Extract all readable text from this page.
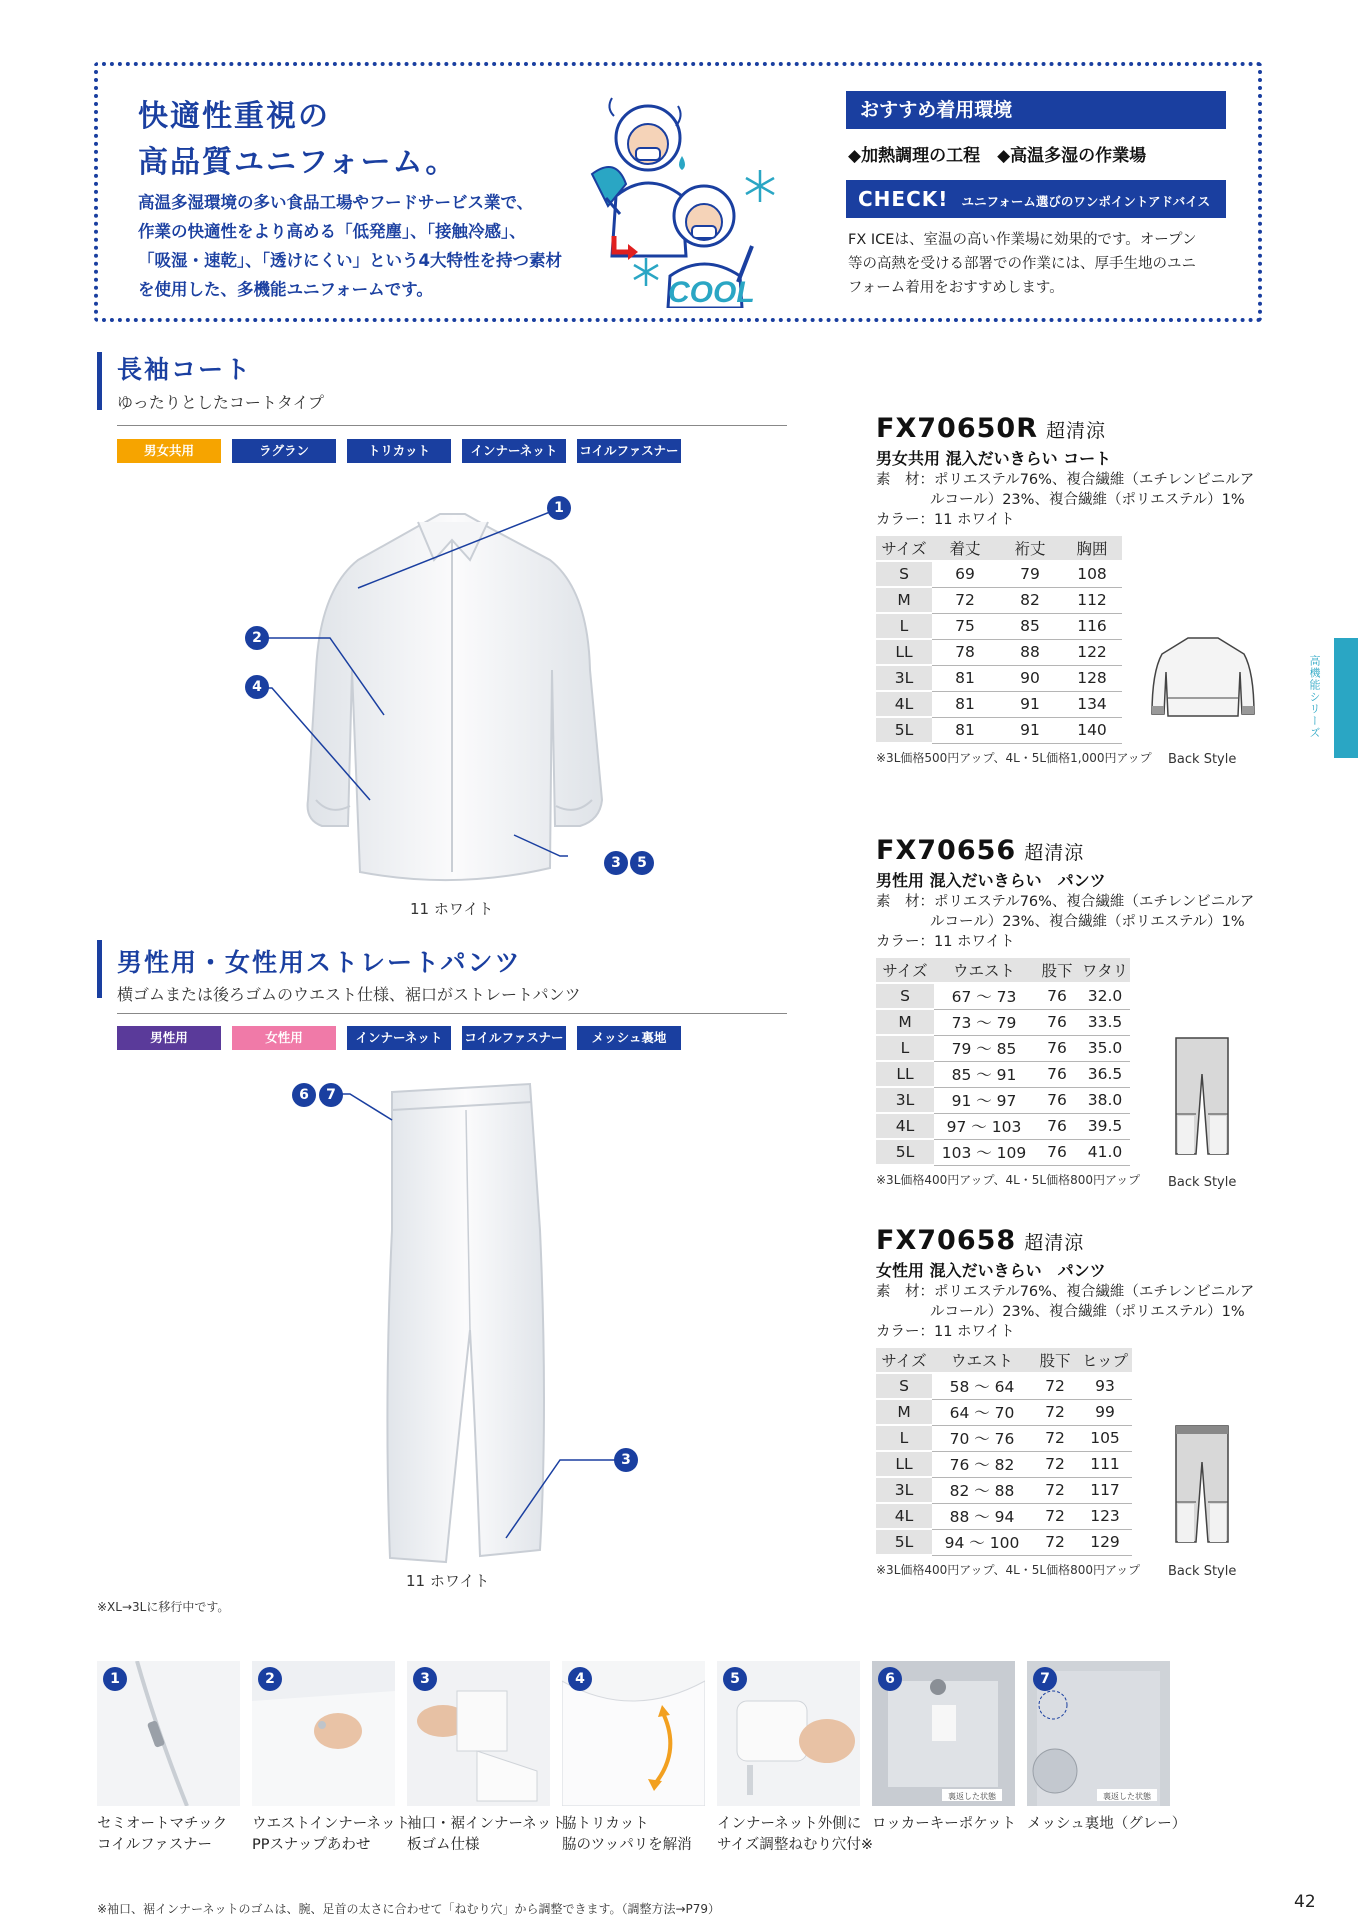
快適性重視の
高品質ユニフォーム。
高温多湿環境の多い食品工場やフードサービス業で、
作業の快適性をより高める「低発塵」、「接触冷感」、
「吸湿・速乾」、「透けにくい」という4大特性を持つ素材
を使用した、多機能ユニフォームです。	COOL
おすすめ着用環境
◆加熱調理の工程　◆高温多湿の作業場
CHECK! ユニフォーム選びのワンポイントアドバイス
FX ICEは、室温の高い作業場に効果的です。オープン
等の高熱を受ける部署での作業には、厚手生地のユニ
フォーム着用をおすすめします。
高機能シリーズ
長袖コート
ゆったりとしたコートタイプ
男女共用	ラグラン	トリカット	インナーネット	コイルファスナー
1
2
4
3	5
11 ホワイト
男性用・女性用ストレートパンツ
横ゴムまたは後ろゴムのウエスト仕様、裾口がストレートパンツ
男性用	女性用	インナーネット	コイルファスナー	メッシュ裏地
6	7
3
11 ホワイト
※XL→3Lに移行中です。
FX70650R 超清涼
男女共用 混入だいきらい コート
素　材：ポリエステル76%、複合繊維（エチレンビニルア
ルコール）23%、複合繊維（ポリエステル）1%
カラー：11 ホワイト
サイズ	着丈	裄丈	胸囲
S	69	79	108
M	72	82	112
L	75	85	116
LL	78	88	122
3L	81	90	128
4L	81	91	134
5L	81	91	140
※3L価格500円アップ、4L・5L価格1,000円アップ	Back Style
FX70656 超清涼
男性用 混入だいきらい　パンツ
素　材：ポリエステル76%、複合繊維（エチレンビニルア
ルコール）23%、複合繊維（ポリエステル）1%
カラー：11 ホワイト
サイズ	ウエスト	股下	ワタリ
S	67 ～ 73	76	32.0
M	73 ～ 79	76	33.5
L	79 ～ 85	76	35.0
LL	85 ～ 91	76	36.5
3L	91 ～ 97	76	38.0
4L	97 ～ 103	76	39.5
5L	103 ～ 109	76	41.0
※3L価格400円アップ、4L・5L価格800円アップ	Back Style
FX70658 超清涼
女性用 混入だいきらい　パンツ
素　材：ポリエステル76%、複合繊維（エチレンビニルア
ルコール）23%、複合繊維（ポリエステル）1%
カラー：11 ホワイト
サイズ	ウエスト	股下	ヒップ
S	58 ～ 64	72	93
M	64 ～ 70	72	99
L	70 ～ 76	72	105
LL	76 ～ 82	72	111
3L	82 ～ 88	72	117
4L	88 ～ 94	72	123
5L	94 ～ 100	72	129
※3L価格400円アップ、4L・5L価格800円アップ	Back Style
1	2	3	4	5
裏返した状態
6
裏返した状態
7
セミオートマチック
コイルファスナー
ウエストインナーネット
PPスナップあわせ
袖口・裾インナーネット
板ゴム仕様
脇トリカット
脇のツッパリを解消
インナーネット外側に
サイズ調整ねむり穴付※
ロッカーキーポケット メッシュ裏地（グレー）
※袖口、裾インナーネットのゴムは、腕、足首の太さに合わせて「ねむり穴」から調整できます。（調整方法→P79）	42
